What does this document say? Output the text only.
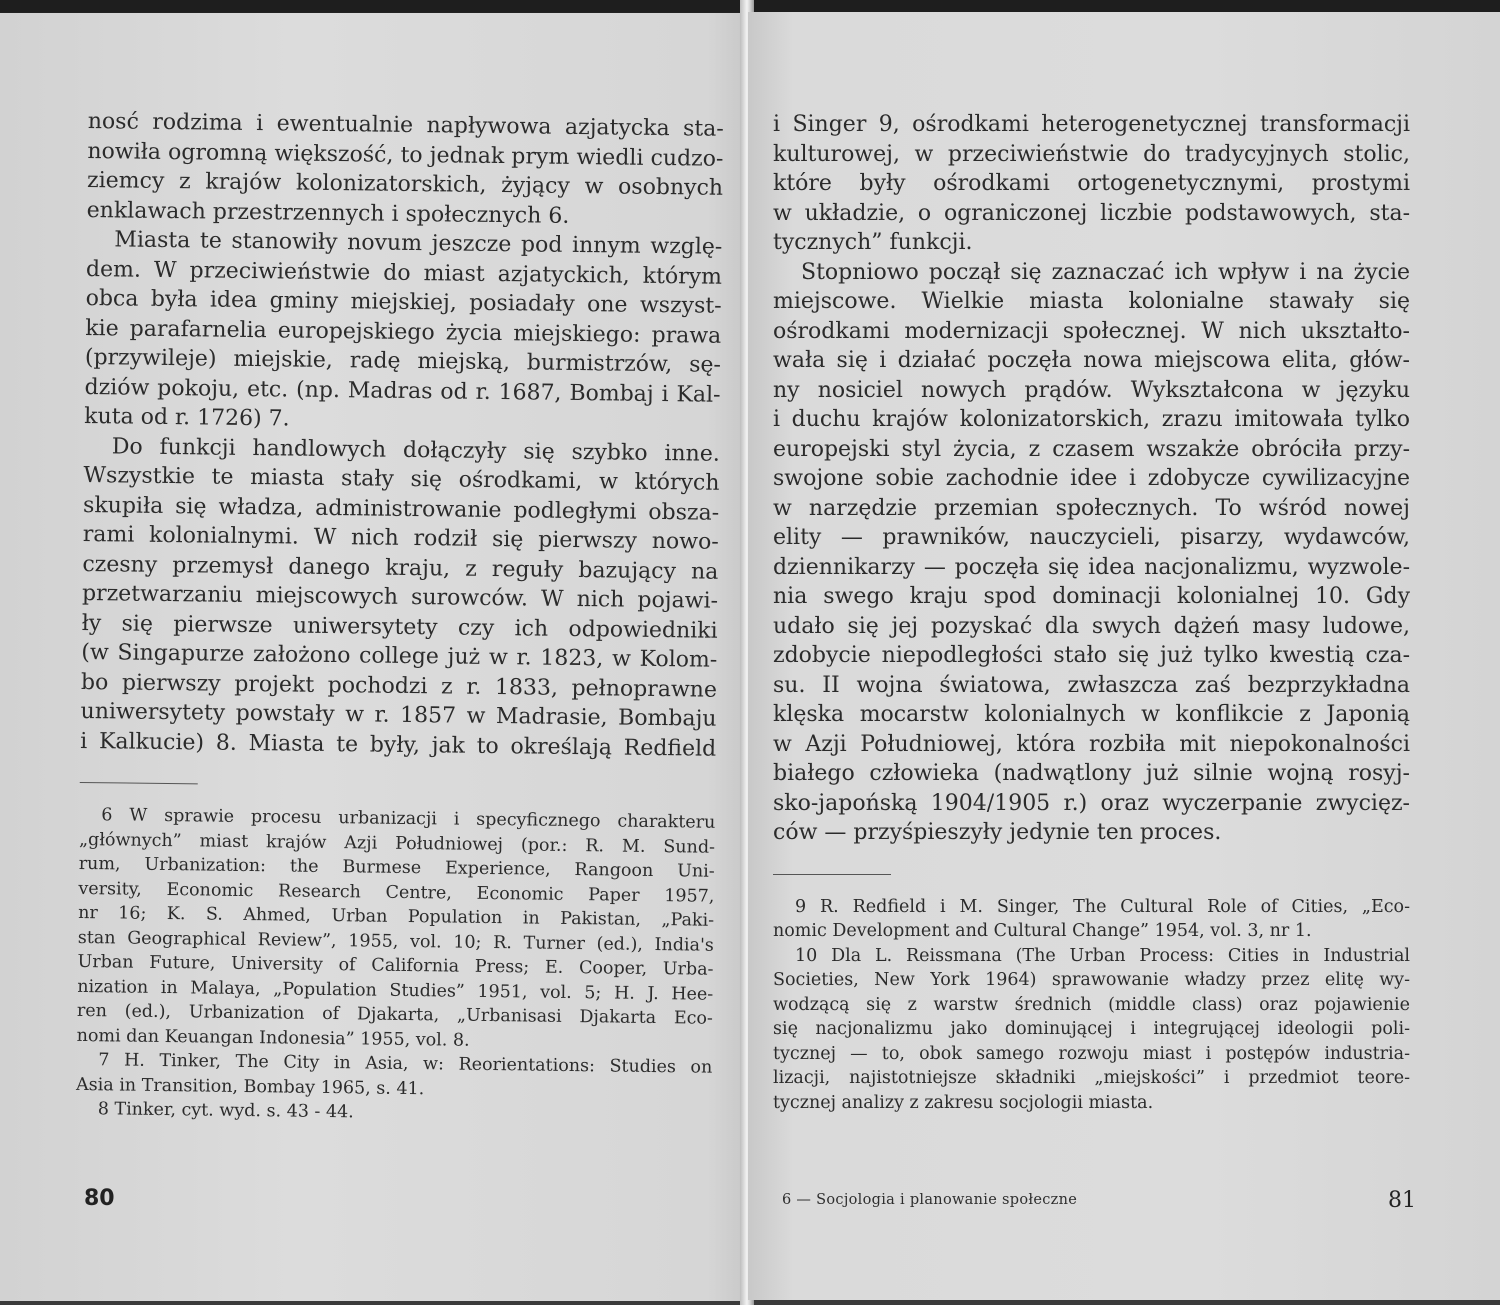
nosć rodzima i ewentualnie napływowa azjatycka sta-
nowiła ogromną większość, to jednak prym wiedli cudzo-
ziemcy z krajów kolonizatorskich, żyjący w osobnych
enklawach przestrzennych i społecznych 6.
Miasta te stanowiły novum jeszcze pod innym wzglę-
dem. W przeciwieństwie do miast azjatyckich, którym
obca była idea gminy miejskiej, posiadały one wszyst-
kie parafarnelia europejskiego życia miejskiego: prawa
(przywileje) miejskie, radę miejską, burmistrzów, sę-
dziów pokoju, etc. (np. Madras od r. 1687, Bombaj i Kal-
kuta od r. 1726) 7.
Do funkcji handlowych dołączyły się szybko inne.
Wszystkie te miasta stały się ośrodkami, w których
skupiła się władza, administrowanie podległymi obsza-
rami kolonialnymi. W nich rodził się pierwszy nowo-
czesny przemysł danego kraju, z reguły bazujący na
przetwarzaniu miejscowych surowców. W nich pojawi-
ły się pierwsze uniwersytety czy ich odpowiedniki
(w Singapurze założono college już w r. 1823, w Kolom-
bo pierwszy projekt pochodzi z r. 1833, pełnoprawne
uniwersytety powstały w r. 1857 w Madrasie, Bombaju
i Kalkucie) 8. Miasta te były, jak to określają Redfield
6 W sprawie procesu urbanizacji i specyficznego charakteru
„głównych” miast krajów Azji Południowej (por.: R. M. Sund-
rum, Urbanization: the Burmese Experience, Rangoon Uni-
versity, Economic Research Centre, Economic Paper 1957,
nr 16; K. S. Ahmed, Urban Population in Pakistan, „Paki-
stan Geographical Review”, 1955, vol. 10; R. Turner (ed.), India's
Urban Future, University of California Press; E. Cooper, Urba-
nization in Malaya, „Population Studies” 1951, vol. 5; H. J. Hee-
ren (ed.), Urbanization of Djakarta, „Urbanisasi Djakarta Eco-
nomi dan Keuangan Indonesia” 1955, vol. 8.
7 H. Tinker, The City in Asia, w: Reorientations: Studies on
Asia in Transition, Bombay 1965, s. 41.
8 Tinker, cyt. wyd. s. 43 - 44.
80
i Singer 9, ośrodkami heterogenetycznej transformacji
kulturowej, w przeciwieństwie do tradycyjnych stolic,
które były ośrodkami ortogenetycznymi, prostymi
w układzie, o ograniczonej liczbie podstawowych, sta-
tycznych” funkcji.
Stopniowo począł się zaznaczać ich wpływ i na życie
miejscowe. Wielkie miasta kolonialne stawały się
ośrodkami modernizacji społecznej. W nich ukształto-
wała się i działać poczęła nowa miejscowa elita, głów-
ny nosiciel nowych prądów. Wykształcona w języku
i duchu krajów kolonizatorskich, zrazu imitowała tylko
europejski styl życia, z czasem wszakże obróciła przy-
swojone sobie zachodnie idee i zdobycze cywilizacyjne
w narzędzie przemian społecznych. To wśród nowej
elity — prawników, nauczycieli, pisarzy, wydawców,
dziennikarzy — poczęła się idea nacjonalizmu, wyzwole-
nia swego kraju spod dominacji kolonialnej 10. Gdy
udało się jej pozyskać dla swych dążeń masy ludowe,
zdobycie niepodległości stało się już tylko kwestią cza-
su. II wojna światowa, zwłaszcza zaś bezprzykładna
klęska mocarstw kolonialnych w konflikcie z Japonią
w Azji Południowej, która rozbiła mit niepokonalności
białego człowieka (nadwątlony już silnie wojną rosyj-
sko-japońską 1904/1905 r.) oraz wyczerpanie zwycięz-
ców — przyśpieszyły jedynie ten proces.
9 R. Redfield i M. Singer, The Cultural Role of Cities, „Eco-
nomic Development and Cultural Change” 1954, vol. 3, nr 1.
10 Dla L. Reissmana (The Urban Process: Cities in Industrial
Societies, New York 1964) sprawowanie władzy przez elitę wy-
wodzącą się z warstw średnich (middle class) oraz pojawienie
się nacjonalizmu jako dominującej i integrującej ideologii poli-
tycznej — to, obok samego rozwoju miast i postępów industria-
lizacji, najistotniejsze składniki „miejskości” i przedmiot teore-
tycznej analizy z zakresu socjologii miasta.
6 — Socjologia i planowanie społeczne	81
